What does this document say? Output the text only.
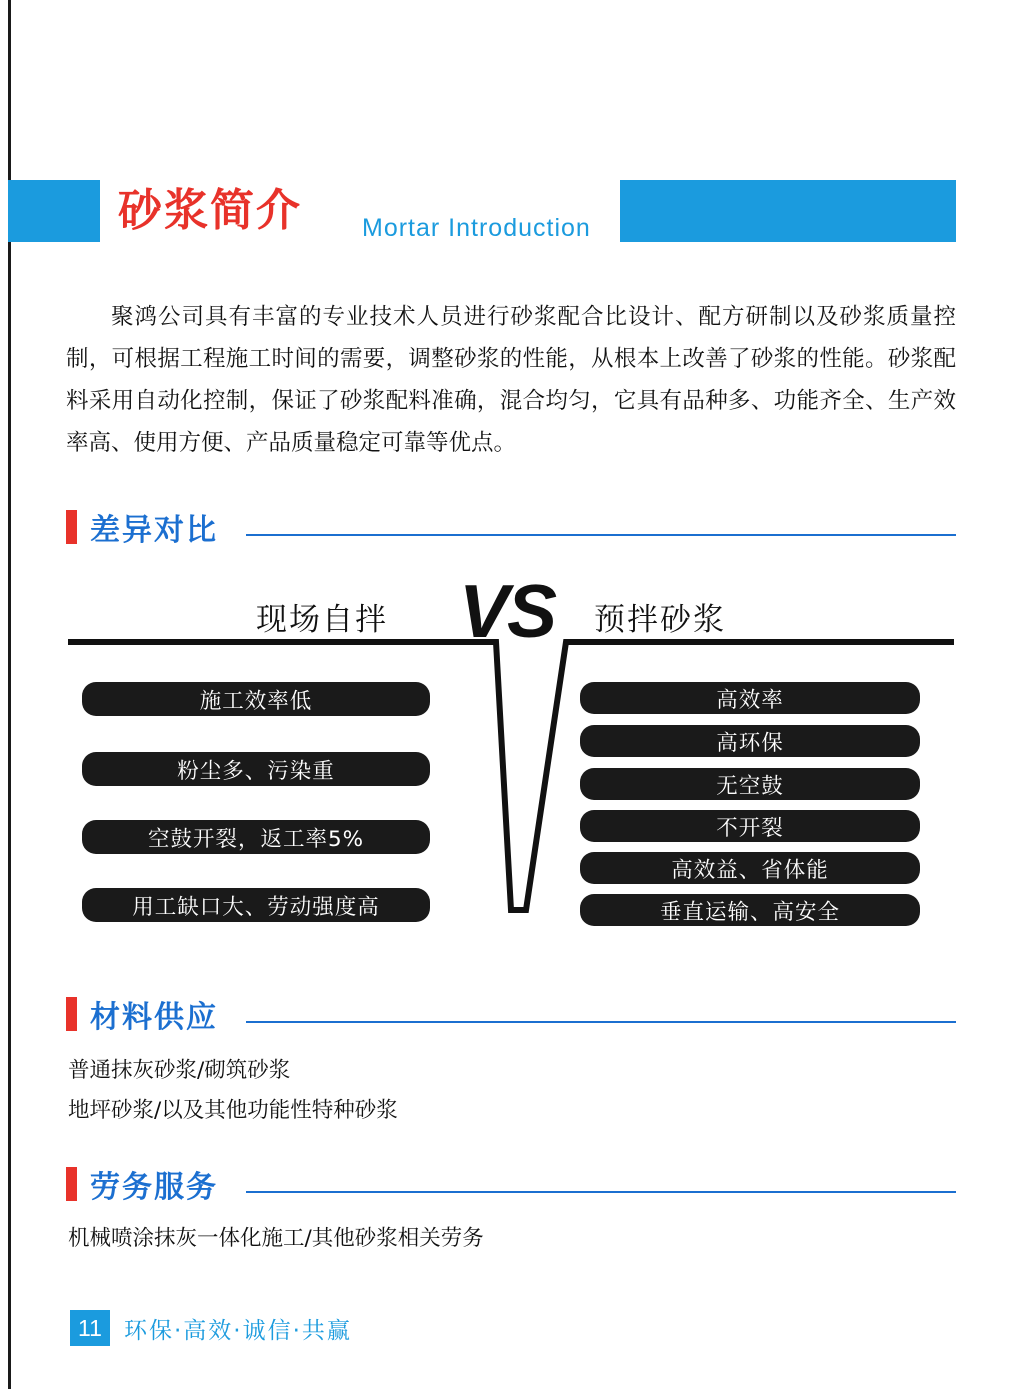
砂浆简介 Mortar Introduction
聚鸿公司具有丰富的专业技术人员进行砂浆配合比设计、配方研制以及砂浆质量控制，可根据工程施工时间的需要，调整砂浆的性能，从根本上改善了砂浆的性能。砂浆配料采用自动化控制，保证了砂浆配料准确，混合均匀，它具有品种多、功能齐全、生产效率高、使用方便、产品质量稳定可靠等优点。
差异对比
现场自拌 VS 预拌砂浆
施工效率低
粉尘多、污染重
空鼓开裂，返工率5%
用工缺口大、劳动强度高
高效率
高环保
无空鼓
不开裂
高效益、省体能
垂直运输、高安全
材料供应
普通抹灰砂浆/砌筑砂浆
地坪砂浆/以及其他功能性特种砂浆
劳务服务
机械喷涂抹灰一体化施工/其他砂浆相关劳务
11 环保·高效·诚信·共赢
